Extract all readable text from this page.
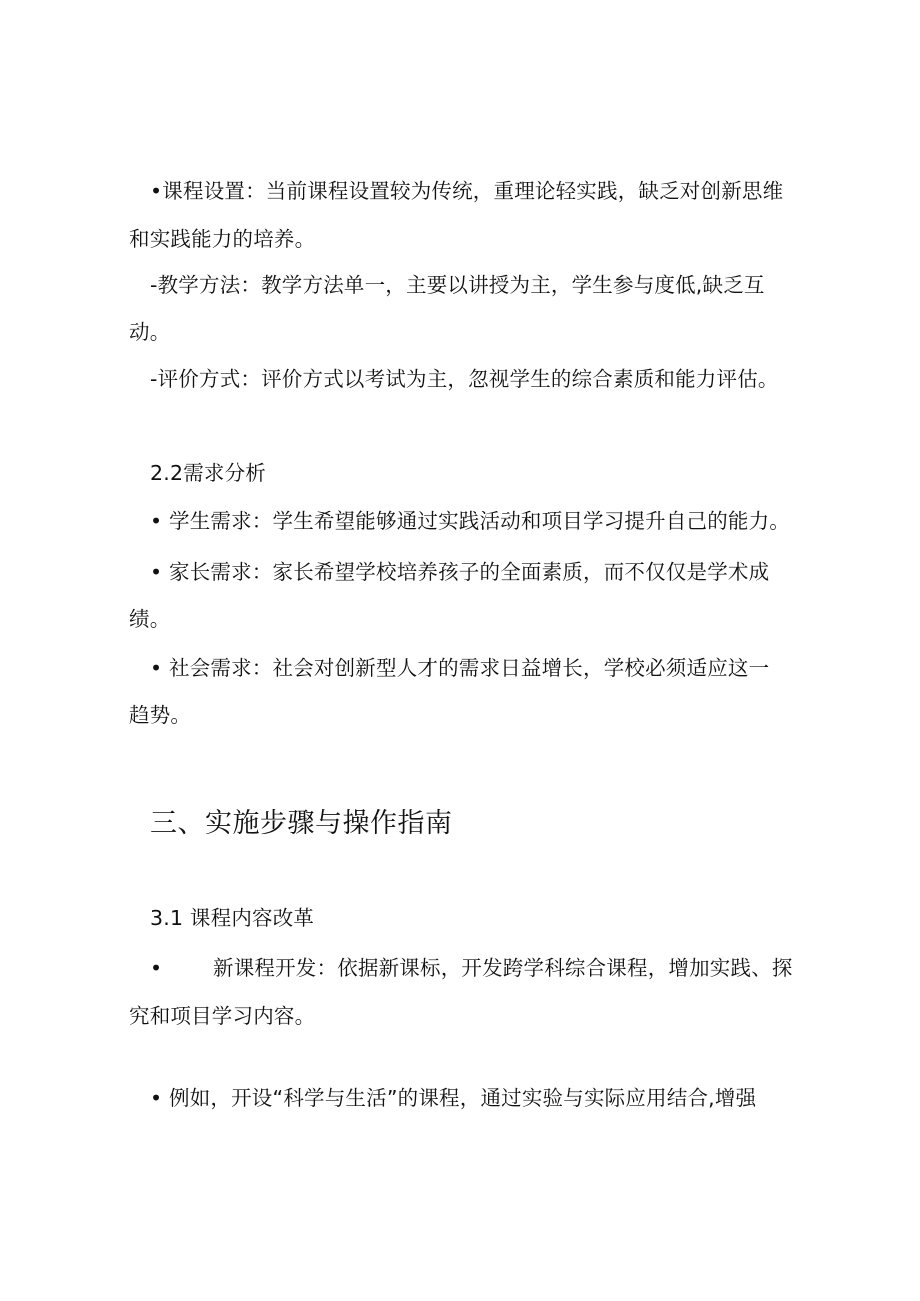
•课程设置：当前课程设置较为传统，重理论轻实践，缺乏对创新思维
和实践能力的培养。
-教学方法：教学方法单一，主要以讲授为主，学生参与度低,缺乏互
动。
-评价方式：评价方式以考试为主，忽视学生的综合素质和能力评估。
2.2需求分析
• 学生需求：学生希望能够通过实践活动和项目学习提升自己的能力。
• 家长需求：家长希望学校培养孩子的全面素质，而不仅仅是学术成
绩。
• 社会需求：社会对创新型人才的需求日益增长，学校必须适应这一
趋势。
三、实施步骤与操作指南
3.1 课程内容改革
• 新课程开发：依据新课标，开发跨学科综合课程，增加实践、探
究和项目学习内容。
• 例如，开设“科学与生活”的课程，通过实验与实际应用结合,增强
